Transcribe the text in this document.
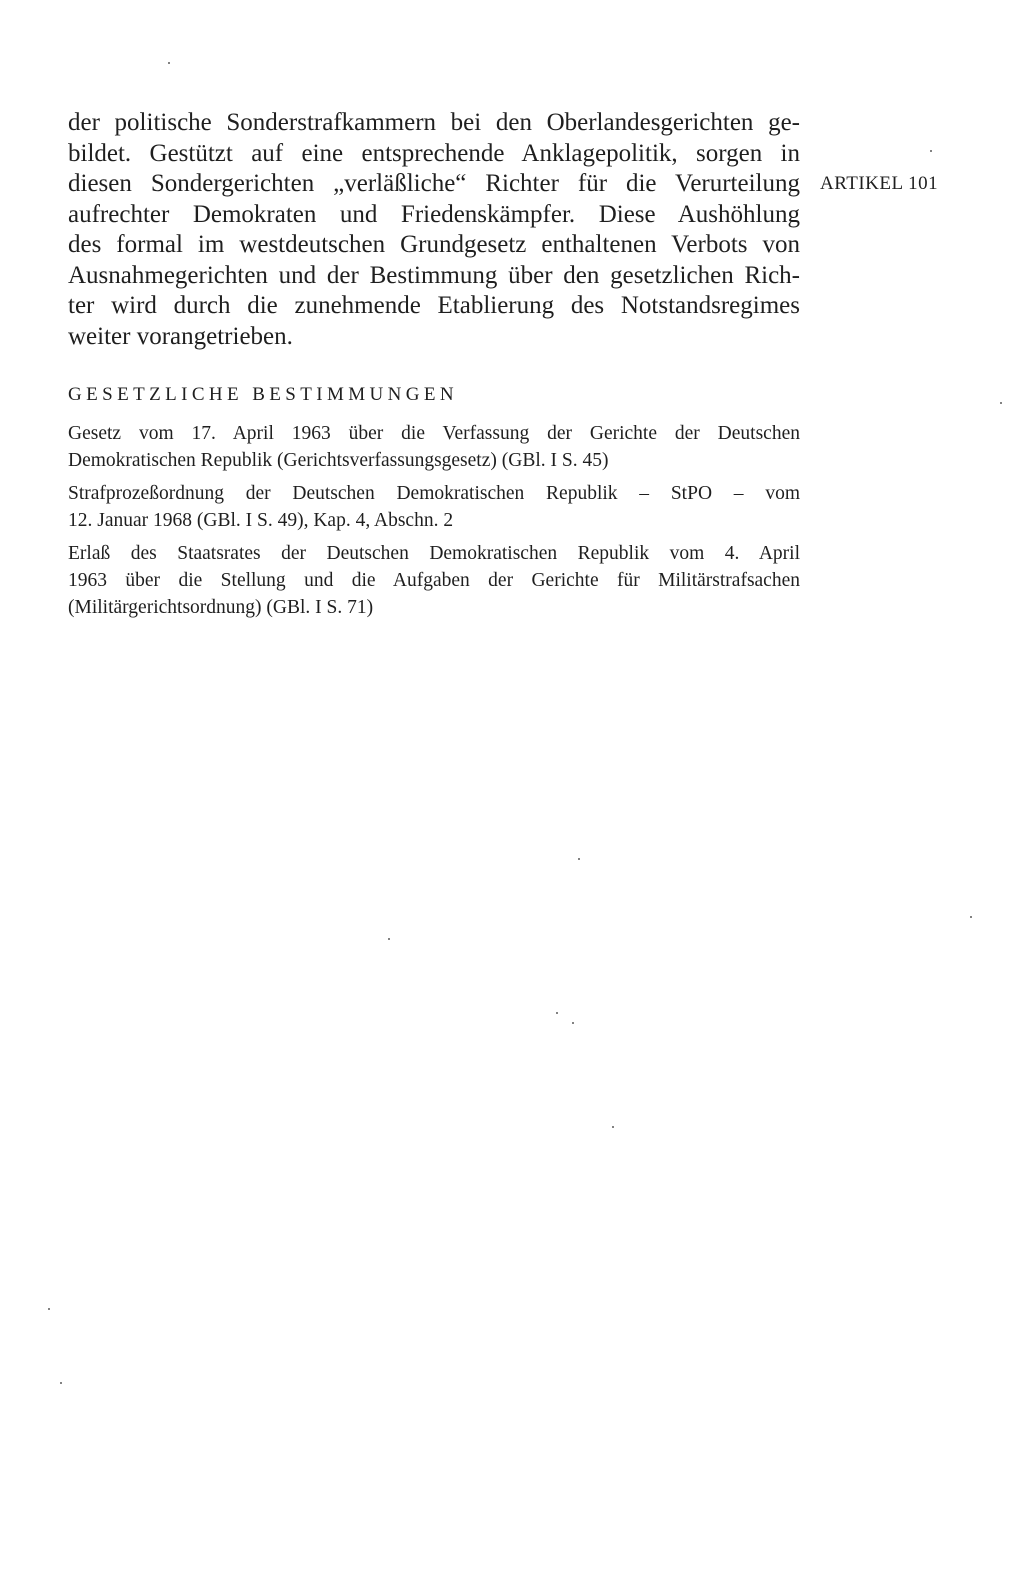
der politische Sonderstrafkammern bei den Oberlandesgerichten ge-
bildet. Gestützt auf eine entsprechende Anklagepolitik, sorgen in
diesen Sondergerichten „verläßliche“ Richter für die Verurteilung
aufrechter Demokraten und Friedenskämpfer. Diese Aushöhlung
des formal im westdeutschen Grundgesetz enthaltenen Verbots von
Ausnahmegerichten und der Bestimmung über den gesetzlichen Rich-
ter wird durch die zunehmende Etablierung des Notstandsregimes
weiter vorangetrieben.

ARTIKEL 101

GESETZLICHE BESTIMMUNGEN
Gesetz vom 17. April 1963 über die Verfassung der Gerichte der Deutschen
Demokratischen Republik (Gerichtsverfassungsgesetz) (GBl. I S. 45)
Strafprozeßordnung der Deutschen Demokratischen Republik – StPO – vom
12. Januar 1968 (GBl. I S. 49), Kap. 4, Abschn. 2
Erlaß des Staatsrates der Deutschen Demokratischen Republik vom 4. April
1963 über die Stellung und die Aufgaben der Gerichte für Militärstrafsachen
(Militärgerichtsordnung) (GBl. I S. 71)
